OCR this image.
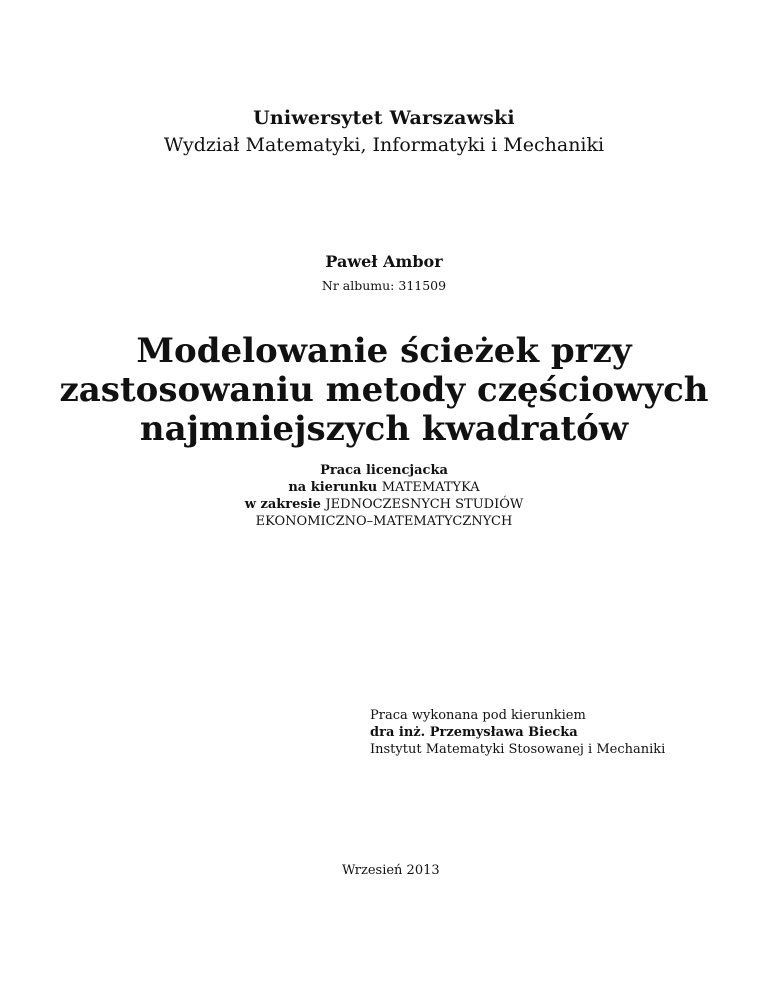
Uniwersytet Warszawski
Wydział Matematyki, Informatyki i Mechaniki
Paweł Ambor
Nr albumu: 311509
Modelowanie ścieżek przy
zastosowaniu metody częściowych
najmniejszych kwadratów
Praca licencjacka
na kierunku MATEMATYKA
w zakresie JEDNOCZESNYCH STUDIÓW
EKONOMICZNO–MATEMATYCZNYCH
Praca wykonana pod kierunkiem
dra inż. Przemysława Biecka
Instytut Matematyki Stosowanej i Mechaniki
Wrzesień 2013
